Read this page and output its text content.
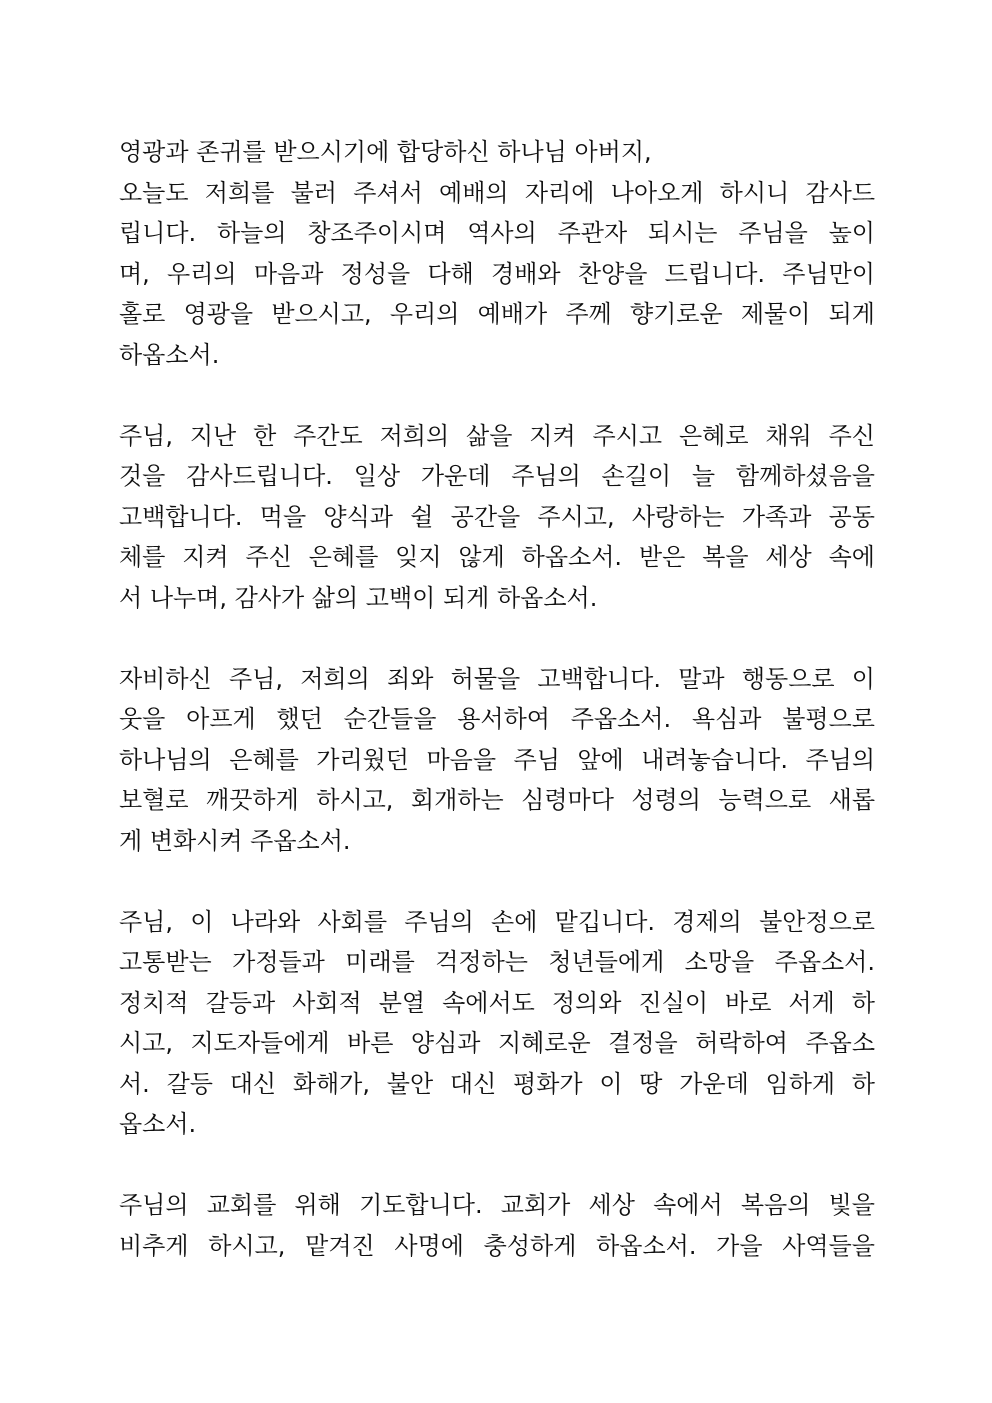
영광과 존귀를 받으시기에 합당하신 하나님 아버지,
오늘도 저희를 불러 주셔서 예배의 자리에 나아오게 하시니 감사드
립니다. 하늘의 창조주이시며 역사의 주관자 되시는 주님을 높이
며, 우리의 마음과 정성을 다해 경배와 찬양을 드립니다. 주님만이
홀로 영광을 받으시고, 우리의 예배가 주께 향기로운 제물이 되게
하옵소서.

주님, 지난 한 주간도 저희의 삶을 지켜 주시고 은혜로 채워 주신
것을 감사드립니다. 일상 가운데 주님의 손길이 늘 함께하셨음을
고백합니다. 먹을 양식과 쉴 공간을 주시고, 사랑하는 가족과 공동
체를 지켜 주신 은혜를 잊지 않게 하옵소서. 받은 복을 세상 속에
서 나누며, 감사가 삶의 고백이 되게 하옵소서.

자비하신 주님, 저희의 죄와 허물을 고백합니다. 말과 행동으로 이
웃을 아프게 했던 순간들을 용서하여 주옵소서. 욕심과 불평으로
하나님의 은혜를 가리웠던 마음을 주님 앞에 내려놓습니다. 주님의
보혈로 깨끗하게 하시고, 회개하는 심령마다 성령의 능력으로 새롭
게 변화시켜 주옵소서.

주님, 이 나라와 사회를 주님의 손에 맡깁니다. 경제의 불안정으로
고통받는 가정들과 미래를 걱정하는 청년들에게 소망을 주옵소서.
정치적 갈등과 사회적 분열 속에서도 정의와 진실이 바로 서게 하
시고, 지도자들에게 바른 양심과 지혜로운 결정을 허락하여 주옵소
서. 갈등 대신 화해가, 불안 대신 평화가 이 땅 가운데 임하게 하
옵소서.

주님의 교회를 위해 기도합니다. 교회가 세상 속에서 복음의 빛을
비추게 하시고, 맡겨진 사명에 충성하게 하옵소서. 가을 사역들을
